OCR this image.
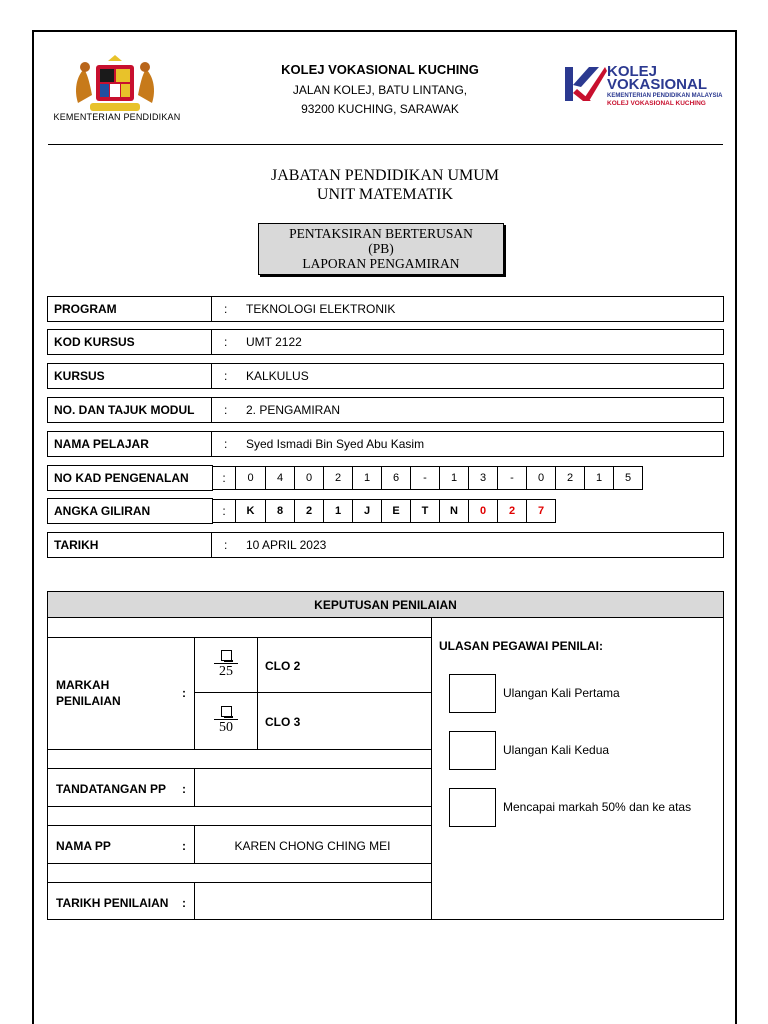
KEMENTERIAN PENDIDIKAN
KOLEJ VOKASIONAL KUCHING
JALAN KOLEJ, BATU LINTANG,
93200 KUCHING, SARAWAK
KOLEJ
VOKASIONAL
KEMENTERIAN PENDIDIKAN MALAYSIA
KOLEJ VOKASIONAL KUCHING
JABATAN PENDIDIKAN UMUM
UNIT MATEMATIK
PENTAKSIRAN BERTERUSAN
(PB)
LAPORAN PENGAMIRAN
PROGRAM	:	TEKNOLOGI ELEKTRONIK
KOD KURSUS	:	UMT 2122
KURSUS	:	KALKULUS
NO. DAN TAJUK MODUL	:	2. PENGAMIRAN
NAMA PELAJAR	:	Syed Ismadi Bin Syed Abu Kasim
NO KAD PENGENALAN	:	0	4	0	2	1	6	-	1	3	-	0	2	1	5
ANGKA GILIRAN	:	K	8	2	1	J	E	T	N	0	2	7
TARIKH	:	10 APRIL 2023
KEPUTUSAN PENILAIAN
MARKAH
PENILAIAN
:
25	CLO 2
50	CLO 3
TANDATANGAN PP :
NAMA PP	:	KAREN CHONG CHING MEI
TARIKH PENILAIAN :
ULASAN PEGAWAI PENILAI:
Ulangan Kali Pertama
Ulangan Kali Kedua
Mencapai markah 50% dan ke atas
